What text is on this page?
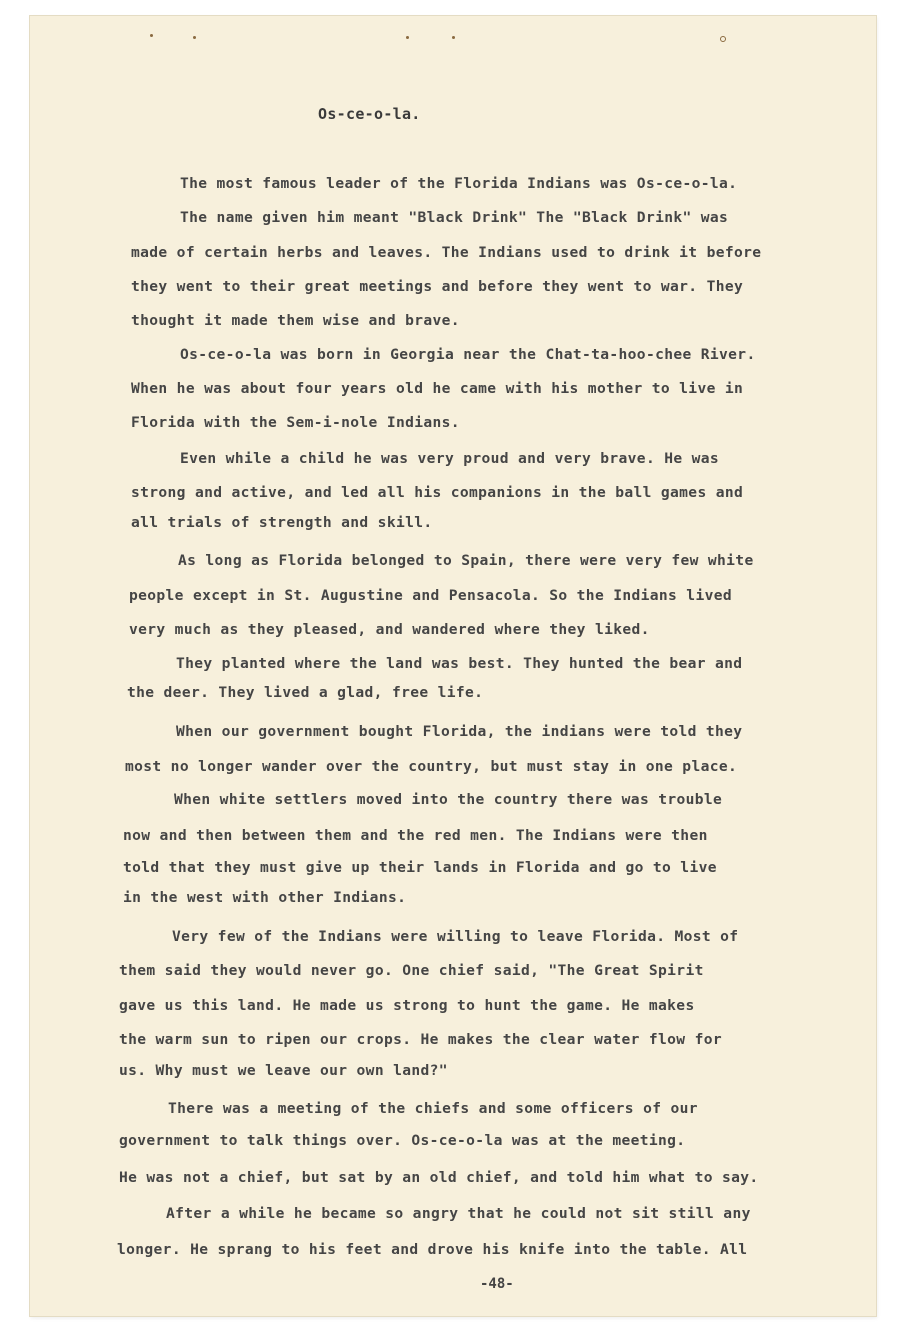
Os-ce-o-la.
The most famous leader of the Florida Indians was Os-ce-o-la.
The name given him meant "Black Drink" The "Black Drink" was
made of certain herbs and leaves. The Indians used to drink it before
they went to their great meetings and before they went to war. They
thought it made them wise and brave.
Os-ce-o-la was born in Georgia near the Chat-ta-hoo-chee River.
When he was about four years old he came with his mother to live in
Florida with the Sem-i-nole Indians.
Even while a child he was very proud and very brave. He was
strong and active, and led all his companions in the ball games and
all trials of strength and skill.
As long as Florida belonged to Spain, there were very few white
people except in St. Augustine and Pensacola. So the Indians lived
very much as they pleased, and wandered where they liked.
They planted where the land was best. They hunted the bear and
the deer. They lived a glad, free life.
When our government bought Florida, the indians were told they
most no longer wander over the country, but must stay in one place.
When white settlers moved into the country there was trouble
now and then between them and the red men. The Indians were then
told that they must give up their lands in Florida and go to live
in the west with other Indians.
Very few of the Indians were willing to leave Florida. Most of
them said they would never go. One chief said, "The Great Spirit
gave us this land. He made us strong to hunt the game. He makes
the warm sun to ripen our crops. He makes the clear water flow for
us. Why must we leave our own land?"
There was a meeting of the chiefs and some officers of our
government to talk things over. Os-ce-o-la was at the meeting.
He was not a chief, but sat by an old chief, and told him what to say.
After a while he became so angry that he could not sit still any
longer. He sprang to his feet and drove his knife into the table. All
-48-
